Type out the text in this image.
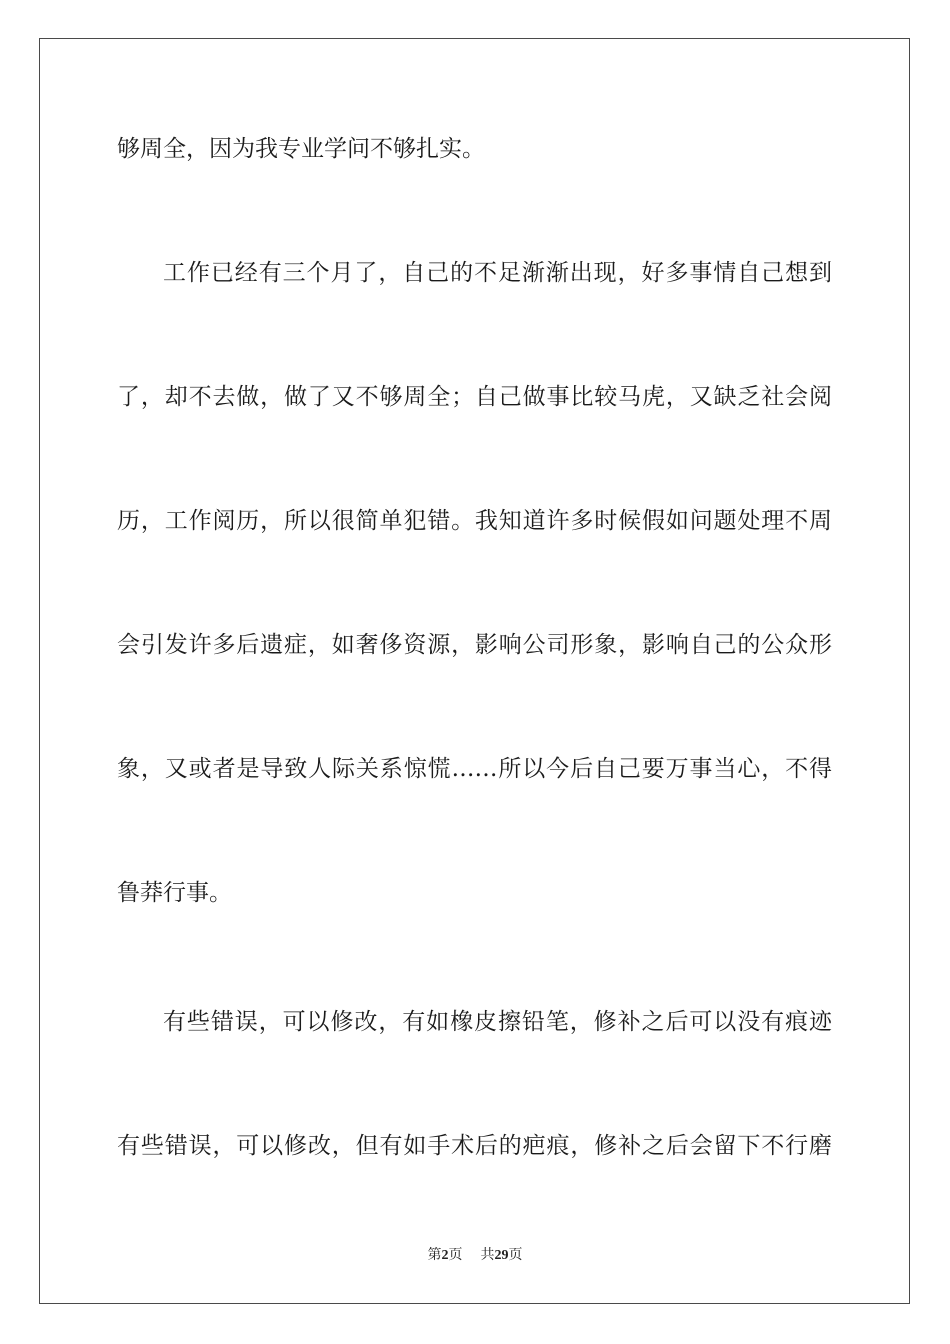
够周全，因为我专业学问不够扎实。
工作已经有三个月了，自己的不足渐渐出现，好多事情自己想到
了，却不去做，做了又不够周全；自己做事比较马虎，又缺乏社会阅
历，工作阅历，所以很简单犯错。我知道许多时候假如问题处理不周
会引发许多后遗症，如奢侈资源，影响公司形象，影响自己的公众形
象，又或者是导致人际关系惊慌……所以今后自己要万事当心，不得
鲁莽行事。
有些错误，可以修改，有如橡皮擦铅笔，修补之后可以没有痕迹
有些错误，可以修改，但有如手术后的疤痕，修补之后会留下不行磨
第2页 共29页
